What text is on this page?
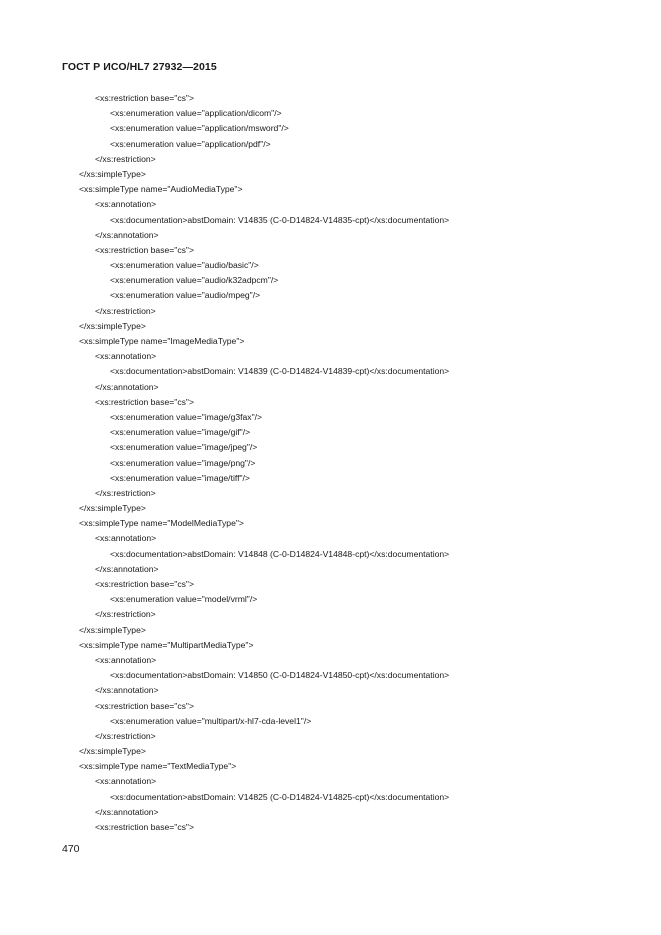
ГОСТ Р ИСО/HL7 27932—2015
<xs:restriction base="cs">
<xs:enumeration value="application/dicom"/>
<xs:enumeration value="application/msword"/>
<xs:enumeration value="application/pdf"/>
</xs:restriction>
</xs:simpleType>
<xs:simpleType name="AudioMediaType">
<xs:annotation>
<xs:documentation>abstDomain: V14835 (C-0-D14824-V14835-cpt)</xs:documentation>
</xs:annotation>
<xs:restriction base="cs">
<xs:enumeration value="audio/basic"/>
<xs:enumeration value="audio/k32adpcm"/>
<xs:enumeration value="audio/mpeg"/>
</xs:restriction>
</xs:simpleType>
<xs:simpleType name="ImageMediaType">
<xs:annotation>
<xs:documentation>abstDomain: V14839 (C-0-D14824-V14839-cpt)</xs:documentation>
</xs:annotation>
<xs:restriction base="cs">
<xs:enumeration value="image/g3fax"/>
<xs:enumeration value="image/gif"/>
<xs:enumeration value="image/jpeg"/>
<xs:enumeration value="image/png"/>
<xs:enumeration value="image/tiff"/>
</xs:restriction>
</xs:simpleType>
<xs:simpleType name="ModelMediaType">
<xs:annotation>
<xs:documentation>abstDomain: V14848 (C-0-D14824-V14848-cpt)</xs:documentation>
</xs:annotation>
<xs:restriction base="cs">
<xs:enumeration value="model/vrml"/>
</xs:restriction>
</xs:simpleType>
<xs:simpleType name="MultipartMediaType">
<xs:annotation>
<xs:documentation>abstDomain: V14850 (C-0-D14824-V14850-cpt)</xs:documentation>
</xs:annotation>
<xs:restriction base="cs">
<xs:enumeration value="multipart/x-hl7-cda-level1"/>
</xs:restriction>
</xs:simpleType>
<xs:simpleType name="TextMediaType">
<xs:annotation>
<xs:documentation>abstDomain: V14825 (C-0-D14824-V14825-cpt)</xs:documentation>
</xs:annotation>
<xs:restriction base="cs">
470
